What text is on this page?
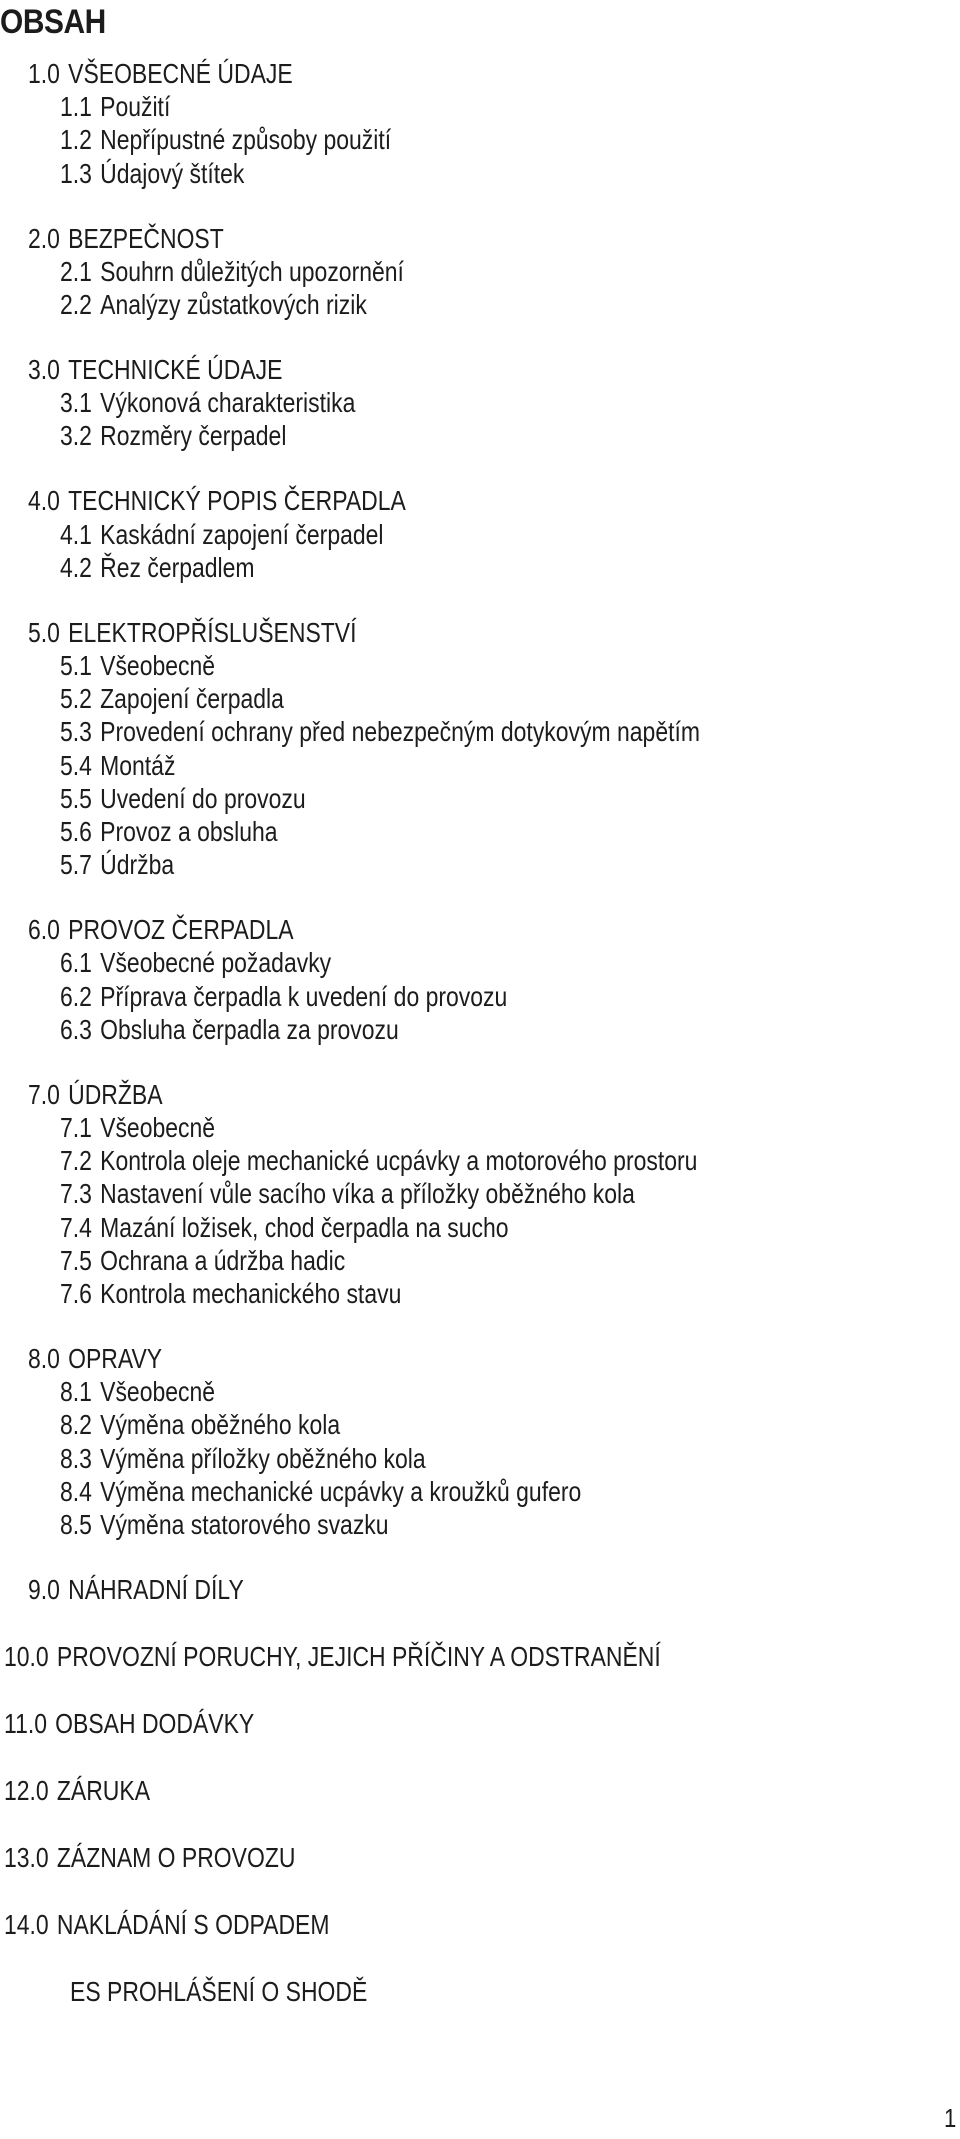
OBSAH
1.0 VŠEOBECNÉ ÚDAJE
1.1 Použití
1.2 Nepřípustné způsoby použití
1.3 Údajový štítek
2.0 BEZPEČNOST
2.1 Souhrn důležitých upozornění
2.2 Analýzy zůstatkových rizik
3.0 TECHNICKÉ ÚDAJE
3.1 Výkonová charakteristika
3.2 Rozměry čerpadel
4.0 TECHNICKÝ POPIS ČERPADLA
4.1 Kaskádní zapojení čerpadel
4.2 Řez čerpadlem
5.0 ELEKTROPŘÍSLUŠENSTVÍ
5.1 Všeobecně
5.2 Zapojení čerpadla
5.3 Provedení ochrany před nebezpečným dotykovým napětím
5.4 Montáž
5.5 Uvedení do provozu
5.6 Provoz a obsluha
5.7 Údržba
6.0 PROVOZ ČERPADLA
6.1 Všeobecné požadavky
6.2 Příprava čerpadla k uvedení do provozu
6.3 Obsluha čerpadla za provozu
7.0 ÚDRŽBA
7.1 Všeobecně
7.2 Kontrola oleje mechanické ucpávky a motorového prostoru
7.3 Nastavení vůle sacího víka a příložky oběžného kola
7.4 Mazání ložisek, chod čerpadla na sucho
7.5 Ochrana a údržba hadic
7.6 Kontrola mechanického stavu
8.0 OPRAVY
8.1 Všeobecně
8.2 Výměna oběžného kola
8.3 Výměna příložky oběžného kola
8.4 Výměna mechanické ucpávky a kroužků gufero
8.5 Výměna statorového svazku
9.0 NÁHRADNÍ DÍLY
10.0 PROVOZNÍ PORUCHY, JEJICH PŘÍČINY A ODSTRANĚNÍ
11.0 OBSAH DODÁVKY
12.0 ZÁRUKA
13.0 ZÁZNAM O PROVOZU
14.0 NAKLÁDÁNÍ S ODPADEM
ES PROHLÁŠENÍ O SHODĚ
1
